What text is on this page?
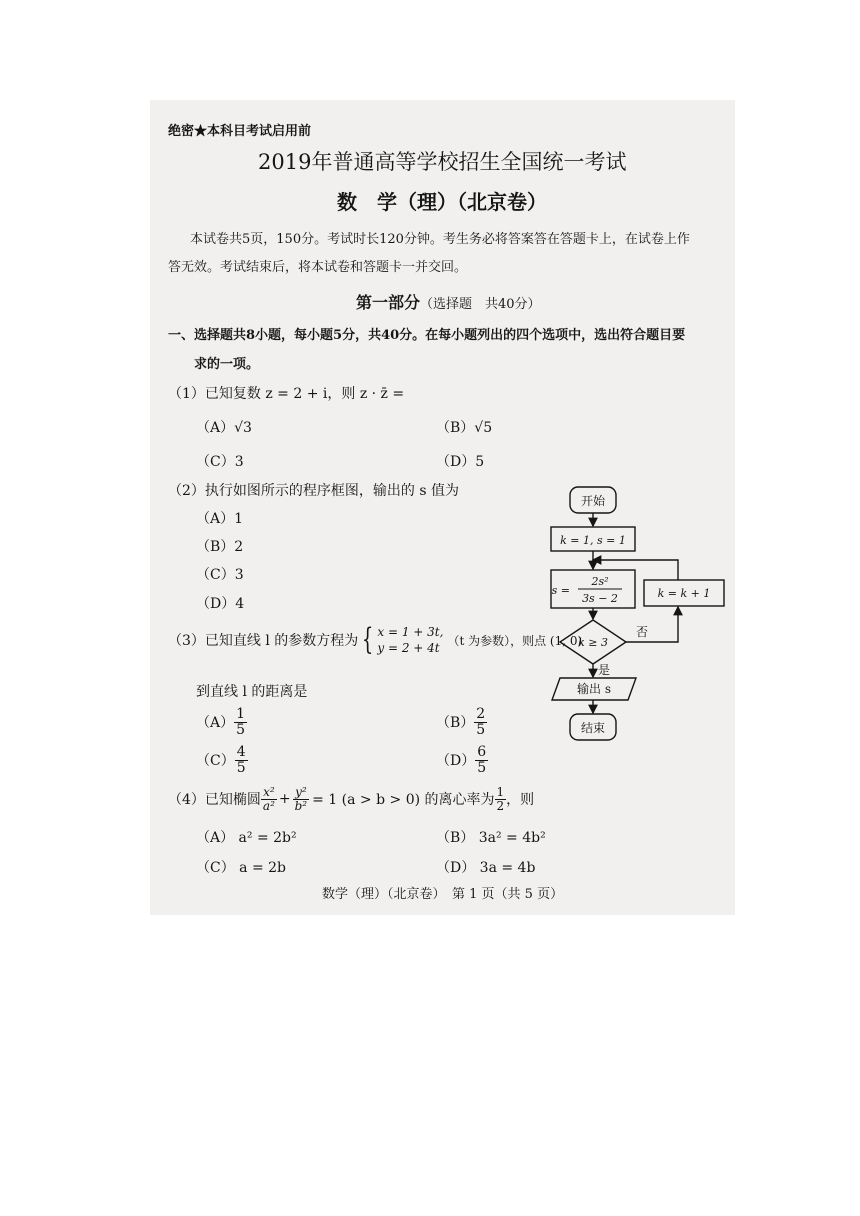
绝密★本科目考试启用前
2019年普通高等学校招生全国统一考试
数　学（理）（北京卷）
本试卷共5页，150分。考试时长120分钟。考生务必将答案答在答题卡上，在试卷上作
答无效。考试结束后，将本试卷和答题卡一并交回。
第一部分（选择题　共40分）
一、选择题共8小题，每小题5分，共40分。在每小题列出的四个选项中，选出符合题目要
求的一项。
（1）已知复数 z = 2 + i，则 z · z̄ =
（A）√3	（B）√5
（C）3	（D）5
（2）执行如图所示的程序框图，输出的 s 值为
（A）1
（B）2
（C）3
（D）4
开始
k = 1, s = 1
s =
2s²
3s − 2	k = k + 1
k ≥ 3
否
是
输出 s
结束
（3）已知直线 l 的参数方程为 { x = 1 + 3t,
y = 2 + 4t
（t 为参数），则点 (1, 0)
到直线 l 的距离是
$(A) \frac{1}{5}$	$(B) \frac{2}{5}$
$(C) \frac{4}{5}$	$(D) \frac{6}{5}$
（4）已知椭圆 $\frac{\text{x²}}{\text{a²}} + \frac{\text{y²}}{\text{b²}} = 1$ (a > b > 0) 的离心率为 $\frac{1}{2}$ ，则
（A） a² = 2b²	（B） 3a² = 4b²
（C） a = 2b	（D） 3a = 4b
数学（理）（北京卷）　第 1 页（共 5 页）
